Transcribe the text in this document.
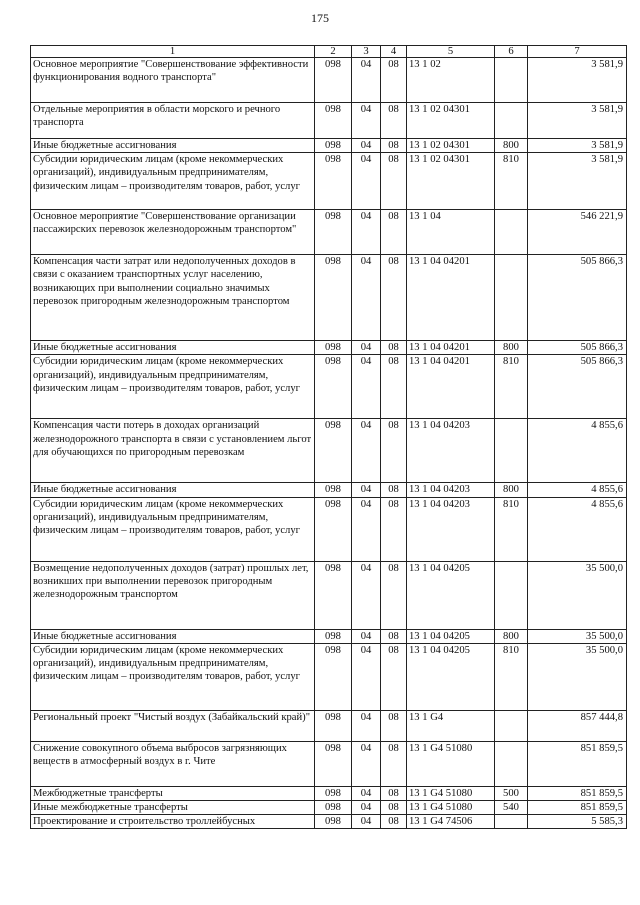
175
1	2	3	4	5	6	7
Основное мероприятие "Совершенствование эффективности функционирования водного транспорта"	098	04	08	13 1 02		3 581,9
Отдельные мероприятия в области морского и речного транспорта	098	04	08	13 1 02 04301		3 581,9
Иные бюджетные ассигнования	098	04	08	13 1 02 04301	800	3 581,9
Субсидии юридическим лицам (кроме некоммерческих организаций), индивидуальным предпринимателям, физическим лицам – производителям товаров, работ, услуг	098	04	08	13 1 02 04301	810	3 581,9
Основное мероприятие "Совершенствование организации пассажирских перевозок железнодорожным транспортом"	098	04	08	13 1 04		546 221,9
Компенсация части затрат или недополученных доходов в связи с оказанием транспортных услуг населению, возникающих при выполнении социально значимых перевозок пригородным железнодорожным транспортом	098	04	08	13 1 04 04201		505 866,3
Иные бюджетные ассигнования	098	04	08	13 1 04 04201	800	505 866,3
Субсидии юридическим лицам (кроме некоммерческих организаций), индивидуальным предпринимателям, физическим лицам – производителям товаров, работ, услуг	098	04	08	13 1 04 04201	810	505 866,3
Компенсация части потерь в доходах организаций железнодорожного транспорта в связи с установлением льгот для обучающихся по пригородным перевозкам	098	04	08	13 1 04 04203		4 855,6
Иные бюджетные ассигнования	098	04	08	13 1 04 04203	800	4 855,6
Субсидии юридическим лицам (кроме некоммерческих организаций), индивидуальным предпринимателям, физическим лицам – производителям товаров, работ, услуг	098	04	08	13 1 04 04203	810	4 855,6
Возмещение недополученных доходов (затрат) прошлых лет, возникших при выполнении перевозок пригородным железнодорожным транспортом	098	04	08	13 1 04 04205		35 500,0
Иные бюджетные ассигнования	098	04	08	13 1 04 04205	800	35 500,0
Субсидии юридическим лицам (кроме некоммерческих организаций), индивидуальным предпринимателям, физическим лицам – производителям товаров, работ, услуг	098	04	08	13 1 04 04205	810	35 500,0
Региональный проект "Чистый воздух (Забайкальский край)"	098	04	08	13 1 G4		857 444,8
Снижение совокупного объема выбросов загрязняющих веществ в атмосферный воздух в г. Чите	098	04	08	13 1 G4 51080		851 859,5
Межбюджетные трансферты	098	04	08	13 1 G4 51080	500	851 859,5
Иные межбюджетные трансферты	098	04	08	13 1 G4 51080	540	851 859,5
Проектирование и строительство троллейбусных	098	04	08	13 1 G4 74506		5 585,3
